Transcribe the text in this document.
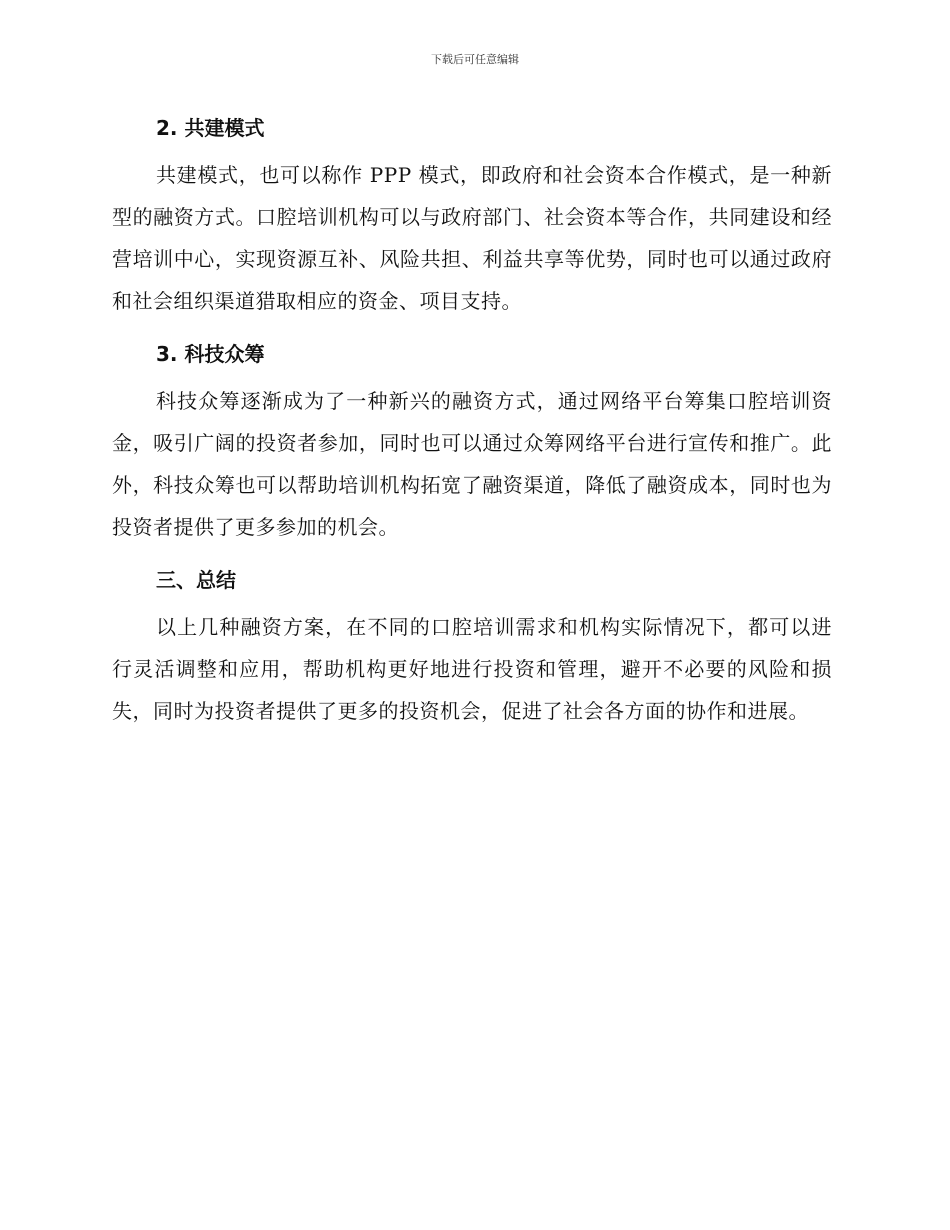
下载后可任意编辑
2. 共建模式

共建模式，也可以称作 PPP 模式，即政府和社会资本合作模式，是一种新型的融资方式。口腔培训机构可以与政府部门、社会资本等合作，共同建设和经营培训中心，实现资源互补、风险共担、利益共享等优势，同时也可以通过政府和社会组织渠道猎取相应的资金、项目支持。

3. 科技众筹

科技众筹逐渐成为了一种新兴的融资方式，通过网络平台筹集口腔培训资金，吸引广阔的投资者参加，同时也可以通过众筹网络平台进行宣传和推广。此外，科技众筹也可以帮助培训机构拓宽了融资渠道，降低了融资成本，同时也为投资者提供了更多参加的机会。

三、总结

以上几种融资方案，在不同的口腔培训需求和机构实际情况下，都可以进行灵活调整和应用，帮助机构更好地进行投资和管理，避开不必要的风险和损失，同时为投资者提供了更多的投资机会，促进了社会各方面的协作和进展。
